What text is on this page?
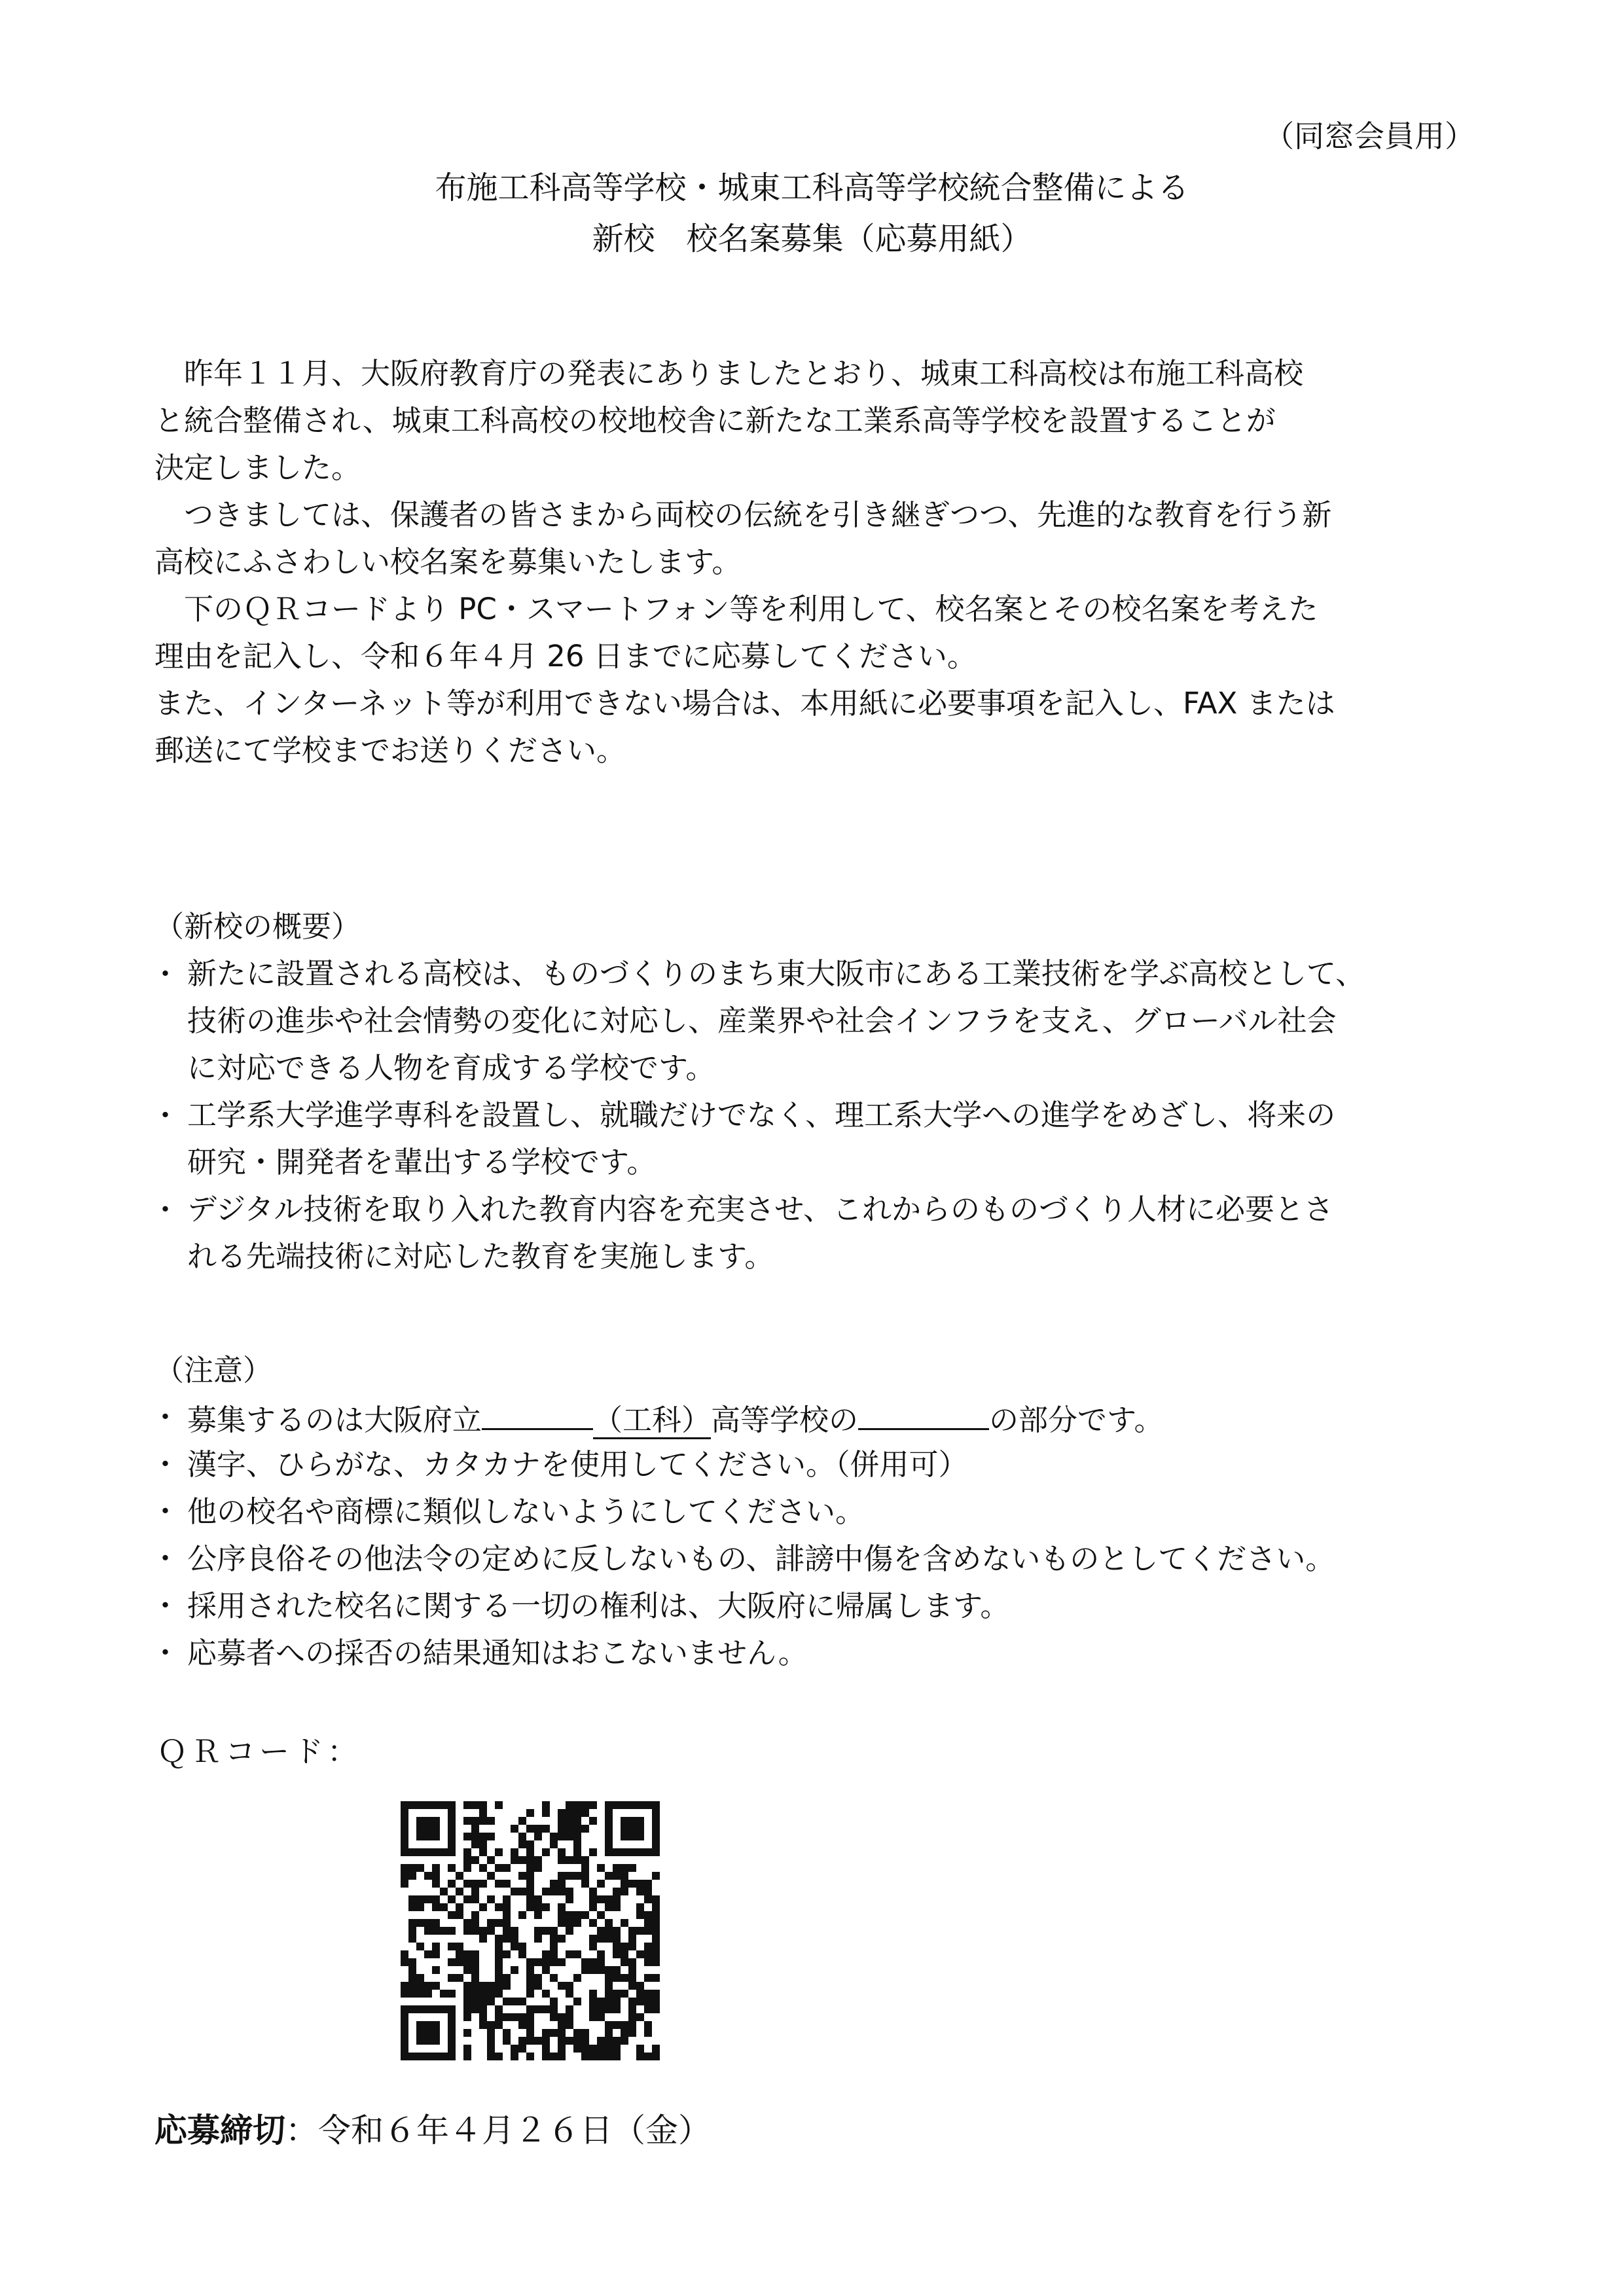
（同窓会員用）
布施工科高等学校・城東工科高等学校統合整備による
新校　校名案募集（応募用紙）
　昨年１１月、大阪府教育庁の発表にありましたとおり、城東工科高校は布施工科高校
と統合整備され、城東工科高校の校地校舎に新たな工業系高等学校を設置することが
決定しました。
　つきましては、保護者の皆さまから両校の伝統を引き継ぎつつ、先進的な教育を行う新
高校にふさわしい校名案を募集いたします。
　下のＱＲコードより PC・スマートフォン等を利用して、校名案とその校名案を考えた
理由を記入し、令和６年４月 26 日までに応募してください。
また、インターネット等が利用できない場合は、本用紙に必要事項を記入し、FAX または
郵送にて学校までお送りください。
（新校の概要）
・ 新たに設置される高校は、ものづくりのまち東大阪市にある工業技術を学ぶ高校として、
技術の進歩や社会情勢の変化に対応し、産業界や社会インフラを支え、グローバル社会
に対応できる人物を育成する学校です。
・ 工学系大学進学専科を設置し、就職だけでなく、理工系大学への進学をめざし、将来の
研究・開発者を輩出する学校です。
・ デジタル技術を取り入れた教育内容を充実させ、これからのものづくり人材に必要とさ
れる先端技術に対応した教育を実施します。
（注意）
・ 募集するのは大阪府立	（工科）高等学校の	の部分です。
・ 漢字、ひらがな、カタカナを使用してください。（併用可）
・ 他の校名や商標に類似しないようにしてください。
・ 公序良俗その他法令の定めに反しないもの、誹謗中傷を含めないものとしてください。
・ 採用された校名に関する一切の権利は、大阪府に帰属します。
・ 応募者への採否の結果通知はおこないません。
ＱＲコード：
応募締切：令和６年４月２６日（金）
